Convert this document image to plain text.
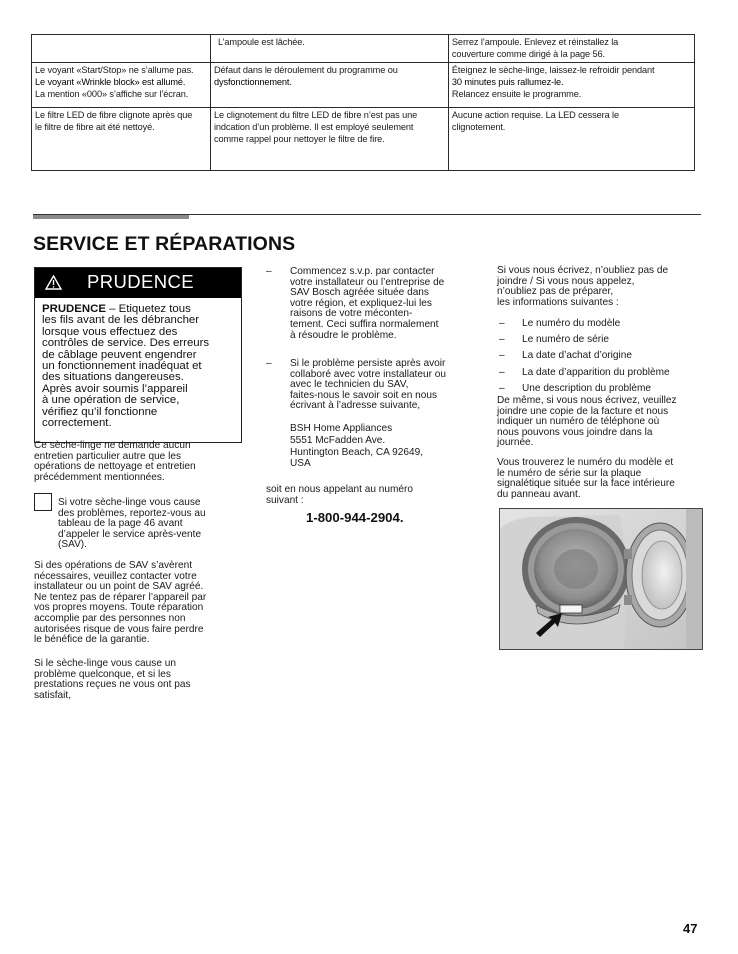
	L’ampoule est lâchée.	Serrez l’ampoule. Enlevez et réinstallez la
couverture comme dirigé à la page 56.

Le voyant «Start/Stop» ne s’allume pas.
Le voyant «Wrinkle block» est allumé.
La mention «000» s’affiche sur l’écran.	Défaut dans le déroulement du programme ou
dysfonctionnement.	Éteignez le sèche-linge, laissez-le refroidir pendant
30 minutes puis rallumez-le.
Relancez ensuite le programme.

Le filtre LED de fibre clignote après que
le filtre de fibre ait été nettoyé.	Le clignotement du filtre LED de fibre n’est pas une
indcation d’un problème. Il est employé seulement
comme rappel pour nettoyer le filtre de fire.	Aucune action requise. La LED cessera le
clignotement.
SERVICE ET RÉPARATIONS
PRUDENCE
PRUDENCE – Etiquetez tous
les fils avant de les débrancher
lorsque vous effectuez des
contrôles de service. Des erreurs
de câblage peuvent engendrer
un fonctionnement inadéquat et
des situations dangereuses.
Après avoir soumis l’appareil
à une opération de service,
vérifiez qu’il fonctionne
correctement.
Ce sèche-linge ne demande aucun
entretien particulier autre que les
opérations de nettoyage et entretien
précédemment mentionnées.
Si votre sèche-linge vous cause
des problèmes, reportez-vous au
tableau de la page 46 avant
d’appeler le service après-vente
(SAV).
Si des opérations de SAV s’avèrent
nécessaires, veuillez contacter votre
installateur ou un point de SAV agréé.
Ne tentez pas de réparer l’appareil par
vos propres moyens. Toute réparation
accomplie par des personnes non
autorisées risque de vous faire perdre
le bénéfice de la garantie.
Si le sèche-linge vous cause un
problème quelconque, et si les
prestations reçues ne vous ont pas
satisfait,
– Commencez s.v.p. par contacter
votre installateur ou l’entreprise de
SAV Bosch agréée située dans
votre région, et expliquez-lui les
raisons de votre méconten-
tement. Ceci suffira normalement
à résoudre le problème.
– Si le problème persiste après avoir
collaboré avec votre installateur ou
avec le technicien du SAV,
faites-nous le savoir soit en nous
écrivant à l’adresse suivante,
BSH Home Appliances
5551 McFadden Ave.
Huntington Beach, CA 92649,
USA
soit en nous appelant au numéro
suivant :
1-800-944-2904.
Si vous nous écrivez, n’oubliez pas de
joindre / Si vous nous appelez,
n’oubliez pas de préparer,
les informations suivantes :
–	Le numéro du modèle
–	Le numéro de série
–	La date d’achat d’origine
–	La date d’apparition du problème
–	Une description du problème
De même, si vous nous écrivez, veuillez
joindre une copie de la facture et nous
indiquer un numéro de téléphone où
nous pouvons vous joindre dans la
journée.
Vous trouverez le numéro du modèle et
le numéro de série sur la plaque
signalétique située sur la face intérieure
du panneau avant.
47
